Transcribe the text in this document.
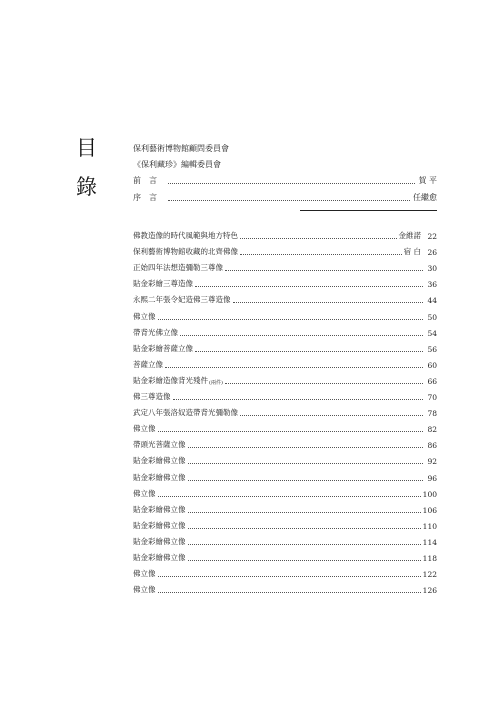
目
錄
保利藝術博物館顧問委員會
《保利藏珍》編輯委員會
前言	賀 平
序言	任繼愈
佛教造像的時代風範與地方特色	金維諾 22
保利藝術博物館收藏的北齊佛像	宿 白 26
正始四年法想造彌勒三尊像	30
貼金彩繪三尊造像	36
永熙二年張令妃造佛三尊造像	44
佛立像	50
帶背光佛立像	54
貼金彩繪菩薩立像	56
菩薩立像	60
貼金彩繪造像背光殘件 (兩件)	66
佛三尊造像	70
武定八年張洛奴造帶背光彌勒像	78
佛立像	82
帶頭光菩薩立像	86
貼金彩繪佛立像	92
貼金彩繪佛立像	96
佛立像	100
貼金彩繪佛立像	106
貼金彩繪佛立像	110
貼金彩繪佛立像	114
貼金彩繪佛立像	118
佛立像	122
佛立像	126
